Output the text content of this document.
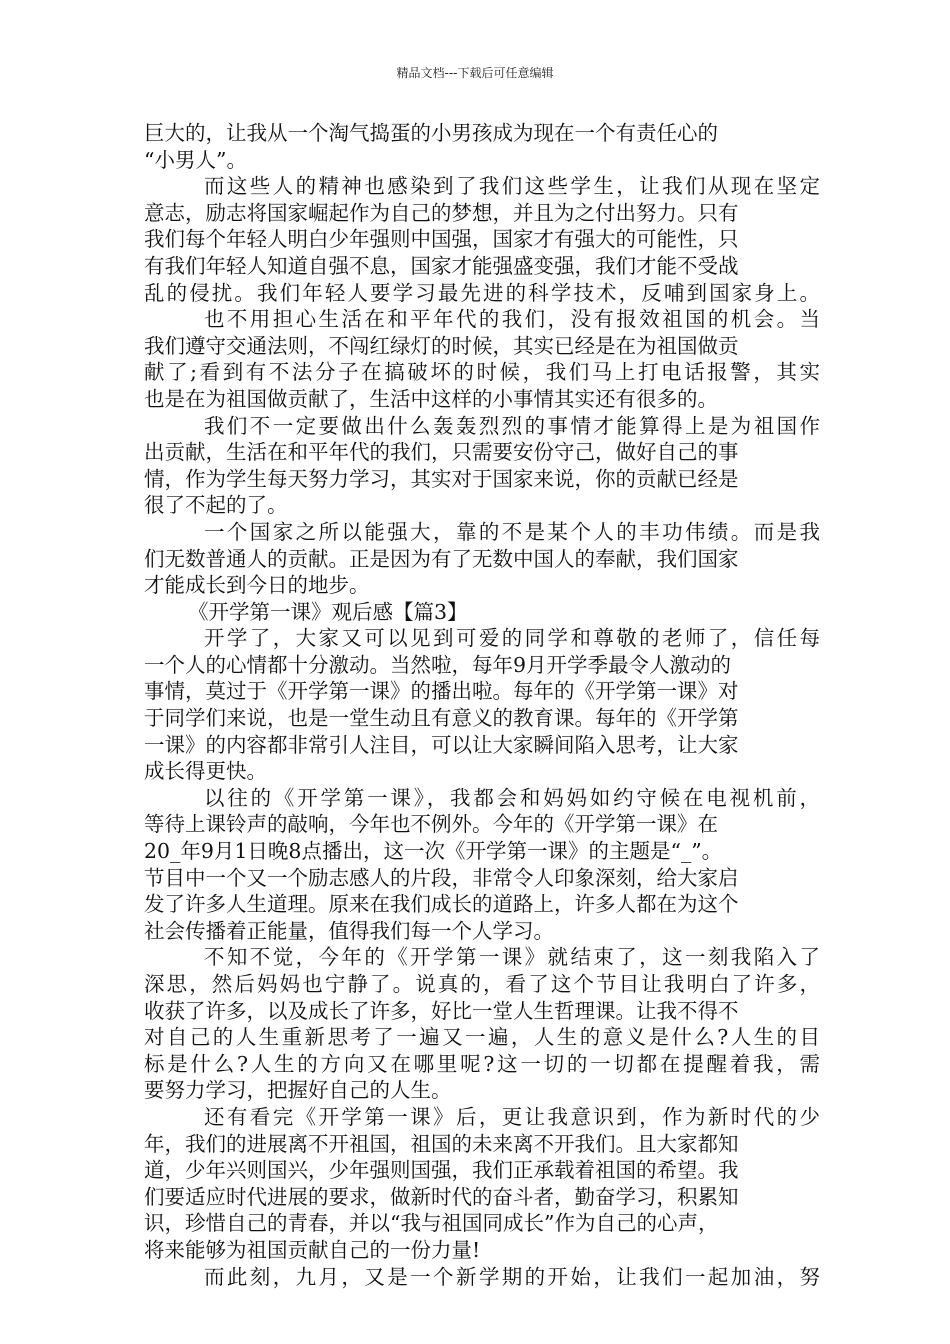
精品文档---下载后可任意编辑
巨大的，让我从一个淘气捣蛋的小男孩成为现在一个有责任心的
“小男人”。
而这些人的精神也感染到了我们这些学生，让我们从现在坚定
意志，励志将国家崛起作为自己的梦想，并且为之付出努力。只有
我们每个年轻人明白少年强则中国强，国家才有强大的可能性，只
有我们年轻人知道自强不息，国家才能强盛变强，我们才能不受战
乱的侵扰。我们年轻人要学习最先进的科学技术，反哺到国家身上。
也不用担心生活在和平年代的我们，没有报效祖国的机会。当
我们遵守交通法则，不闯红绿灯的时候，其实已经是在为祖国做贡
献了;看到有不法分子在搞破坏的时候，我们马上打电话报警，其实
也是在为祖国做贡献了，生活中这样的小事情其实还有很多的。
我们不一定要做出什么轰轰烈烈的事情才能算得上是为祖国作
出贡献，生活在和平年代的我们，只需要安份守己，做好自己的事
情，作为学生每天努力学习，其实对于国家来说，你的贡献已经是
很了不起的了。
一个国家之所以能强大，靠的不是某个人的丰功伟绩。而是我
们无数普通人的贡献。正是因为有了无数中国人的奉献，我们国家
才能成长到今日的地步。
《开学第一课》观后感【篇3】
开学了，大家又可以见到可爱的同学和尊敬的老师了，信任每
一个人的心情都十分激动。当然啦，每年9月开学季最令人激动的
事情，莫过于《开学第一课》的播出啦。每年的《开学第一课》对
于同学们来说，也是一堂生动且有意义的教育课。每年的《开学第
一课》的内容都非常引人注目，可以让大家瞬间陷入思考，让大家
成长得更快。
以往的《开学第一课》，我都会和妈妈如约守候在电视机前，
等待上课铃声的敲响，今年也不例外。今年的《开学第一课》在
20_年9月1日晚8点播出，这一次《开学第一课》的主题是“_”。
节目中一个又一个励志感人的片段，非常令人印象深刻，给大家启
发了许多人生道理。原来在我们成长的道路上，许多人都在为这个
社会传播着正能量，值得我们每一个人学习。
不知不觉，今年的《开学第一课》就结束了，这一刻我陷入了
深思，然后妈妈也宁静了。说真的，看了这个节目让我明白了许多，
收获了许多，以及成长了许多，好比一堂人生哲理课。让我不得不
对自己的人生重新思考了一遍又一遍，人生的意义是什么?人生的目
标是什么?人生的方向又在哪里呢?这一切的一切都在提醒着我，需
要努力学习，把握好自己的人生。
还有看完《开学第一课》后，更让我意识到，作为新时代的少
年，我们的进展离不开祖国，祖国的未来离不开我们。且大家都知
道，少年兴则国兴，少年强则国强，我们正承载着祖国的希望。我
们要适应时代进展的要求，做新时代的奋斗者，勤奋学习，积累知
识，珍惜自己的青春，并以“我与祖国同成长”作为自己的心声，
将来能够为祖国贡献自己的一份力量!
而此刻，九月，又是一个新学期的开始，让我们一起加油，努
